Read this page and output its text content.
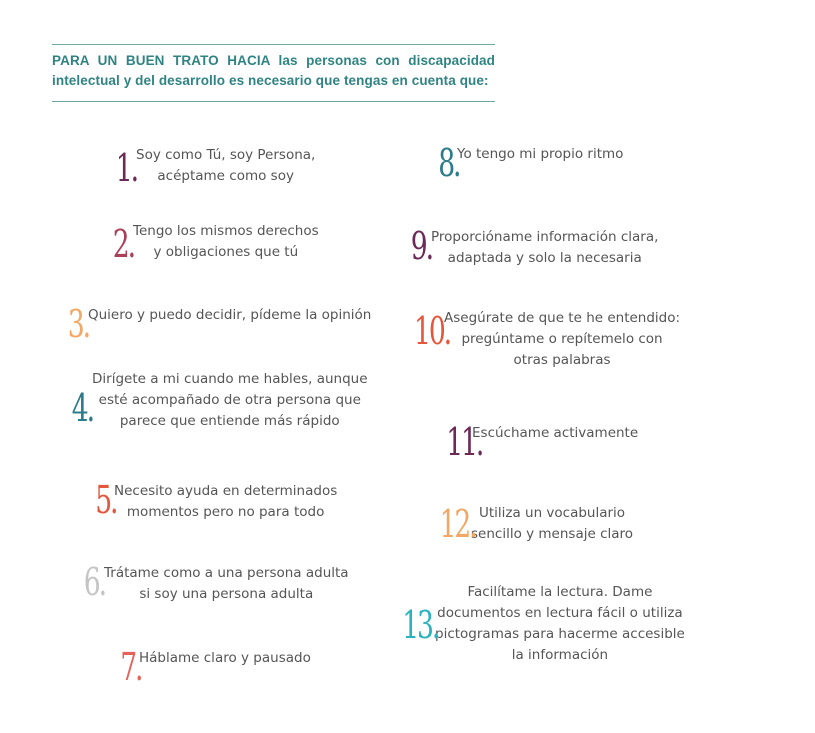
PARA UN BUEN TRATO HACIA las personas con discapacidad

intelectual y del desarrollo es necesario que tengas en cuenta que:

1. Soy como Tú, soy Persona,
acéptame como soy
2. Tengo los mismos derechos
y obligaciones que tú
3. Quiero y puedo decidir, pídeme la opinión
4.
Dirígete a mi cuando me hables, aunque
esté acompañado de otra persona que
parece que entiende más rápido
5.
Necesito ayuda en determinados
momentos pero no para todo
6. Trátame como a una persona adulta
si soy una persona adulta
7.
Háblame claro y pausado
8.
Yo tengo mi propio ritmo
9. Proporcióname información clara,
adaptada y solo la necesaria
10.
Asegúrate de que te he entendido:
pregúntame o repítemelo con
otras palabras
11.
Escúchame activamente
12. Utiliza un vocabulario
sencillo y mensaje claro
13.
Facilítame la lectura. Dame
documentos en lectura fácil o utiliza
pictogramas para hacerme accesible
la información
